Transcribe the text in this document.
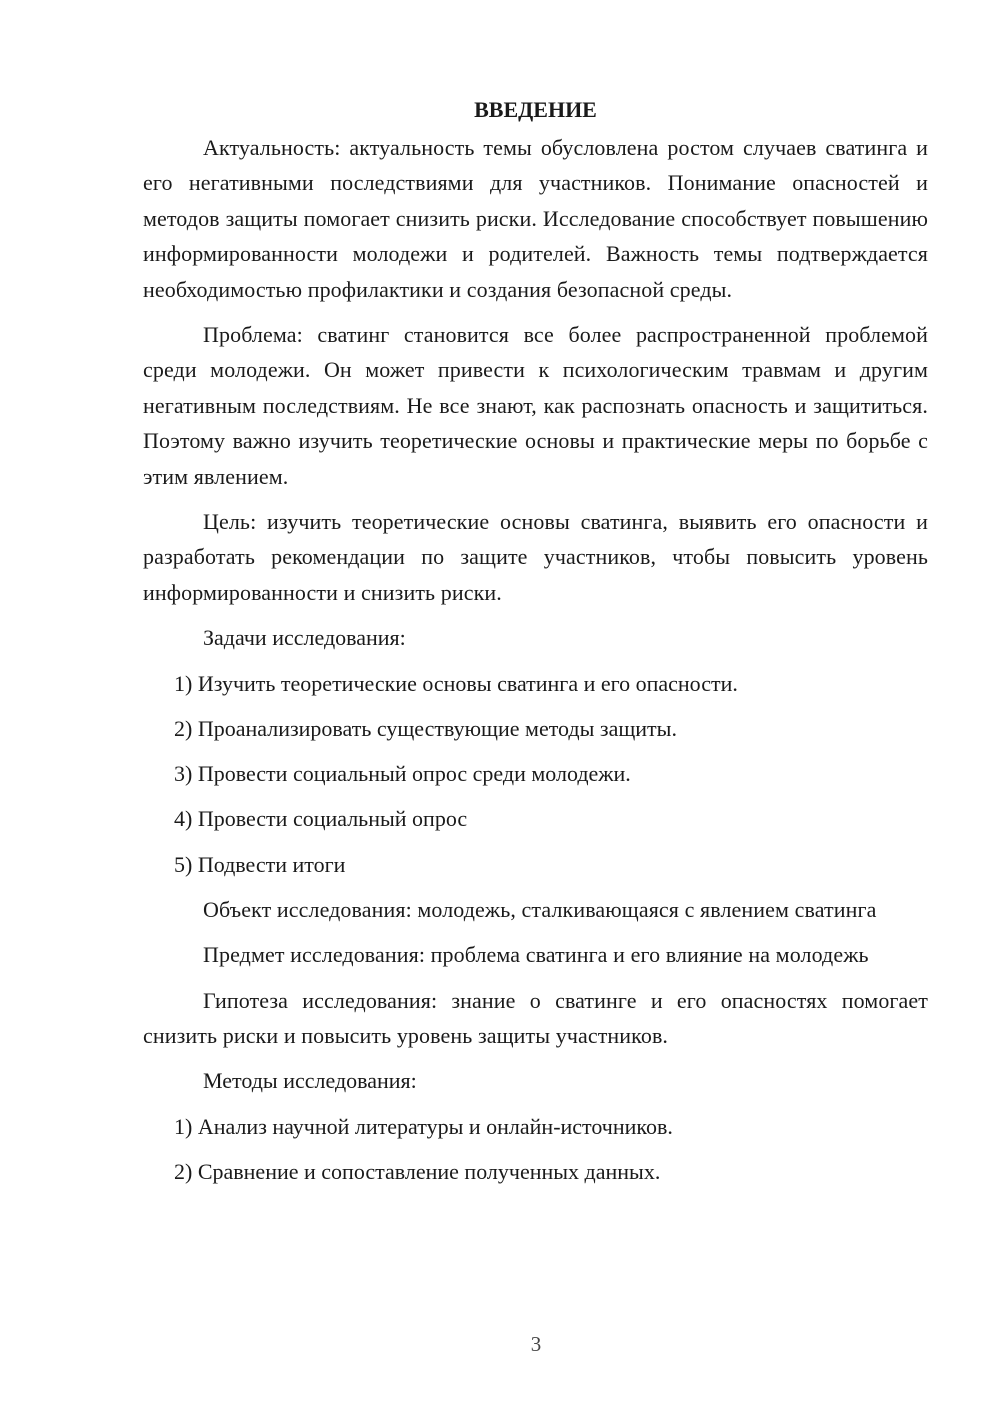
ВВЕДЕНИЕ

Актуальность: актуальность темы обусловлена ростом случаев сватинга и его негативными последствиями для участников. Понимание опасностей и методов защиты помогает снизить риски. Исследование способствует повышению информированности молодежи и родителей. Важность темы подтверждается необходимостью профилактики и создания безопасной среды.

Проблема: сватинг становится все более распространенной проблемой среди молодежи. Он может привести к психологическим травмам и другим негативным последствиям. Не все знают, как распознать опасность и защититься. Поэтому важно изучить теоретические основы и практические меры по борьбе с этим явлением.

Цель: изучить теоретические основы сватинга, выявить его опасности и разработать рекомендации по защите участников, чтобы повысить уровень информированности и снизить риски.

Задачи исследования:

1) Изучить теоретические основы сватинга и его опасности.

2) Проанализировать существующие методы защиты.

3) Провести социальный опрос среди молодежи.

4) Провести социальный опрос

5) Подвести итоги

Объект исследования: молодежь, сталкивающаяся с явлением сватинга

Предмет исследования: проблема сватинга и его влияние на молодежь

Гипотеза исследования: знание о сватинге и его опасностях помогает снизить риски и повысить уровень защиты участников.

Методы исследования:

1) Анализ научной литературы и онлайн-источников.

2) Сравнение и сопоставление полученных данных.

3
